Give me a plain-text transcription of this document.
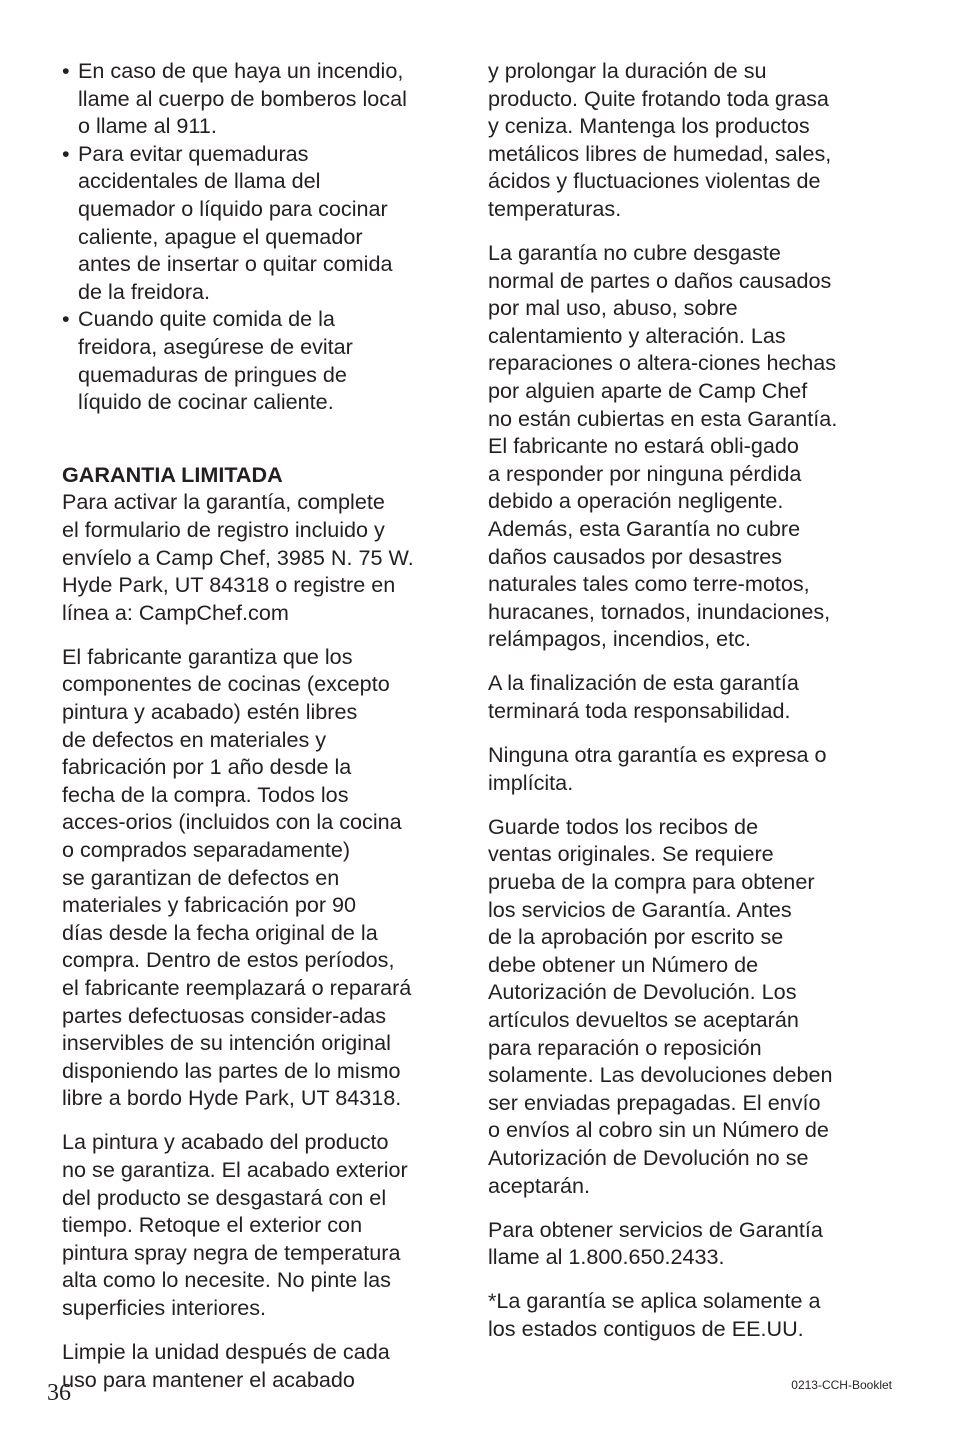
• En caso de que haya un incendio,
llame al cuerpo de bomberos local
o llame al 911.
• Para evitar quemaduras
accidentales de llama del
quemador o líquido para cocinar
caliente, apague el quemador
antes de insertar o quitar comida
de la freidora.
• Cuando quite comida de la
freidora, asegúrese de evitar
quemaduras de pringues de
líquido de cocinar caliente.
GARANTIA LIMITADA

Para activar la garantía, complete
el formulario de registro incluido y
envíelo a Camp Chef, 3985 N. 75 W.
Hyde Park, UT 84318 o registre en
línea a: CampChef.com

El fabricante garantiza que los
componentes de cocinas (excepto
pintura y acabado) estén libres
de defectos en materiales y
fabricación por 1 año desde la
fecha de la compra. Todos los
acces-orios (incluidos con la cocina
o comprados separadamente)
se garantizan de defectos en
materiales y fabricación por 90
días desde la fecha original de la
compra. Dentro de estos períodos,
el fabricante reemplazará o reparará
partes defectuosas consider-adas
inservibles de su intención original
disponiendo las partes de lo mismo
libre a bordo Hyde Park, UT 84318.

La pintura y acabado del producto
no se garantiza. El acabado exterior
del producto se desgastará con el
tiempo. Retoque el exterior con
pintura spray negra de temperatura
alta como lo necesite. No pinte las
superficies interiores.

Limpie la unidad después de cada
uso para mantener el acabado

y prolongar la duración de su
producto. Quite frotando toda grasa
y ceniza. Mantenga los productos
metálicos libres de humedad, sales,
ácidos y fluctuaciones violentas de
temperaturas.

La garantía no cubre desgaste
normal de partes o daños causados
por mal uso, abuso, sobre
calentamiento y alteración. Las
reparaciones o altera-ciones hechas
por alguien aparte de Camp Chef
no están cubiertas en esta Garantía.
El fabricante no estará obli-gado
a responder por ninguna pérdida
debido a operación negligente.
Además, esta Garantía no cubre
daños causados por desastres
naturales tales como terre-motos,
huracanes, tornados, inundaciones,
relámpagos, incendios, etc.

A la finalización de esta garantía
terminará toda responsabilidad.

Ninguna otra garantía es expresa o
implícita.

Guarde todos los recibos de
ventas originales. Se requiere
prueba de la compra para obtener
los servicios de Garantía. Antes
de la aprobación por escrito se
debe obtener un Número de
Autorización de Devolución. Los
artículos devueltos se aceptarán
para reparación o reposición
solamente. Las devoluciones deben
ser enviadas prepagadas. El envío
o envíos al cobro sin un Número de
Autorización de Devolución no se
aceptarán.

Para obtener servicios de Garantía
llame al 1.800.650.2433.

*La garantía se aplica solamente a
los estados contiguos de EE.UU.

36	0213-CCH-Booklet
